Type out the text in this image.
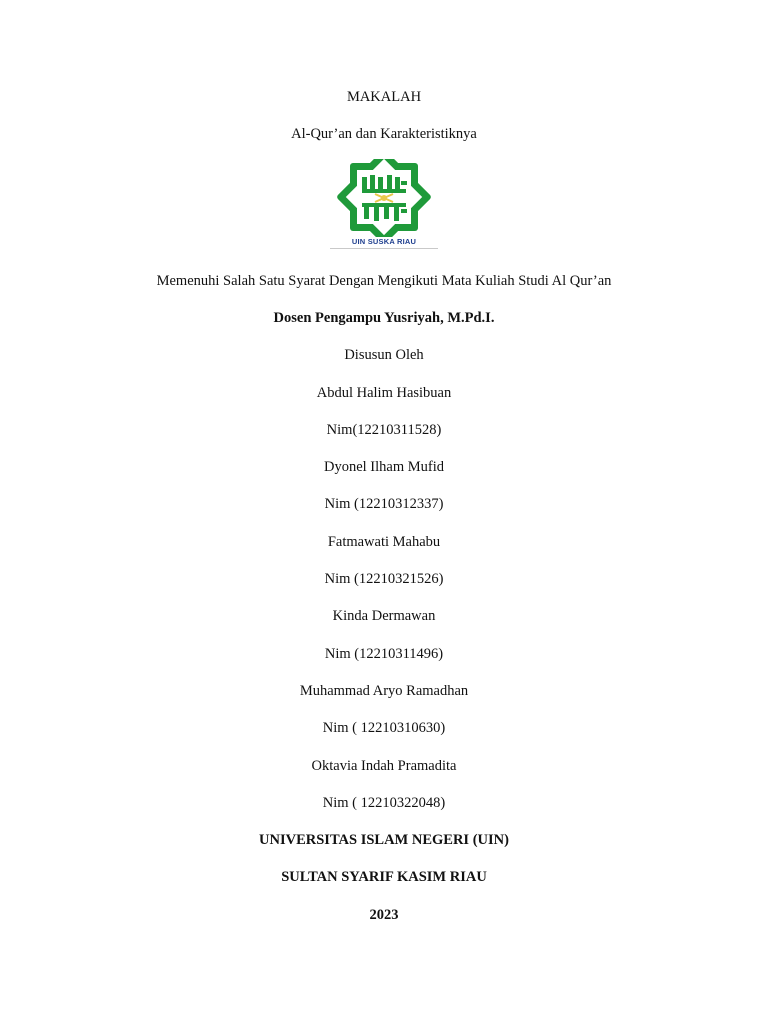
MAKALAH
Al-Qur’an dan Karakteristiknya
UIN SUSKA RIAU
Memenuhi Salah Satu Syarat Dengan Mengikuti Mata Kuliah Studi Al Qur’an
Dosen Pengampu Yusriyah, M.Pd.I.
Disusun Oleh
Abdul Halim Hasibuan
Nim(12210311528)
Dyonel Ilham Mufid
Nim (12210312337)
Fatmawati Mahabu
Nim (12210321526)
Kinda Dermawan
Nim (12210311496)
Muhammad Aryo Ramadhan
Nim ( 12210310630)
Oktavia Indah Pramadita
Nim ( 12210322048)
UNIVERSITAS ISLAM NEGERI (UIN)
SULTAN SYARIF KASIM RIAU
2023
